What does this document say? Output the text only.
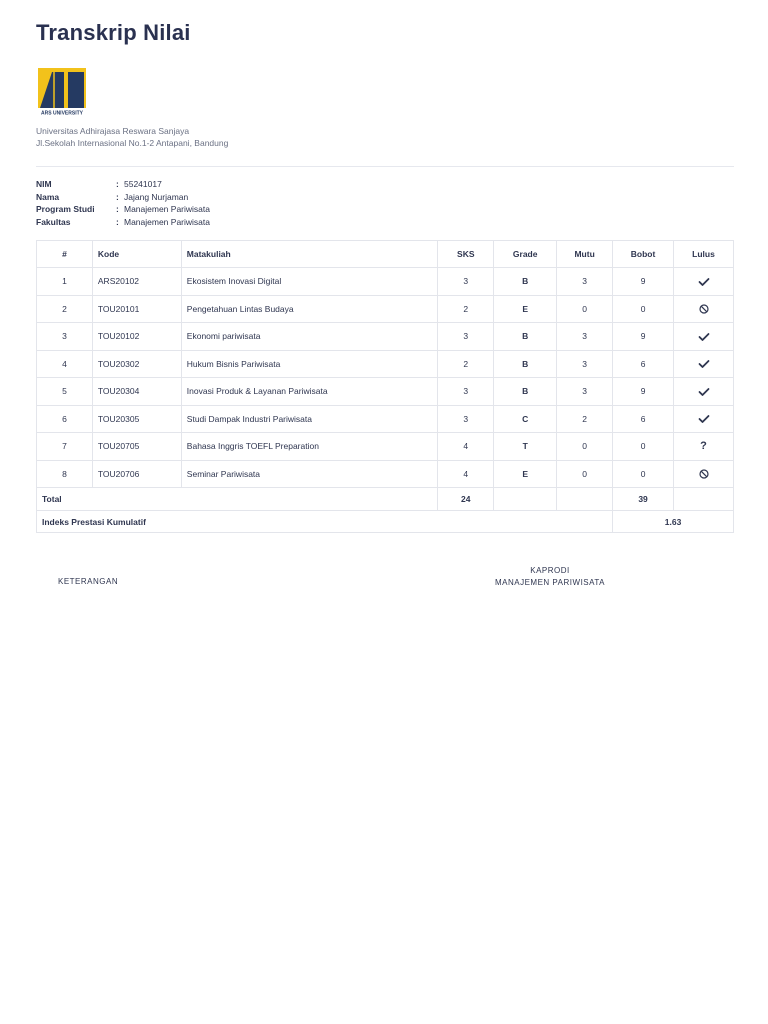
Transkrip Nilai
ARS UNIVERSITY
Universitas Adhirajasa Reswara Sanjaya
Jl.Sekolah Internasional No.1-2 Antapani, Bandung
NIM	: 55241017
Nama	: Jajang Nurjaman
Program Studi	: Manajemen Pariwisata
Fakultas	: Manajemen Pariwisata
#	Kode	Matakuliah	SKS	Grade	Mutu	Bobot	Lulus
1	ARS20102	Ekosistem Inovasi Digital	3	B	3	9	
2	TOU20101	Pengetahuan Lintas Budaya	2	E	0	0	
3	TOU20102	Ekonomi pariwisata	3	B	3	9	
4	TOU20302	Hukum Bisnis Pariwisata	2	B	3	6	
5	TOU20304	Inovasi Produk & Layanan Pariwisata	3	B	3	9	
6	TOU20305	Studi Dampak Industri Pariwisata	3	C	2	6	
7	TOU20705	Bahasa Inggris TOEFL Preparation	4	T	0	0	?
8	TOU20706	Seminar Pariwisata	4	E	0	0	
Total			24			39	
Indeks Prestasi Kumulatif						1.63	
KETERANGAN
KAPRODI
MANAJEMEN PARIWISATA
